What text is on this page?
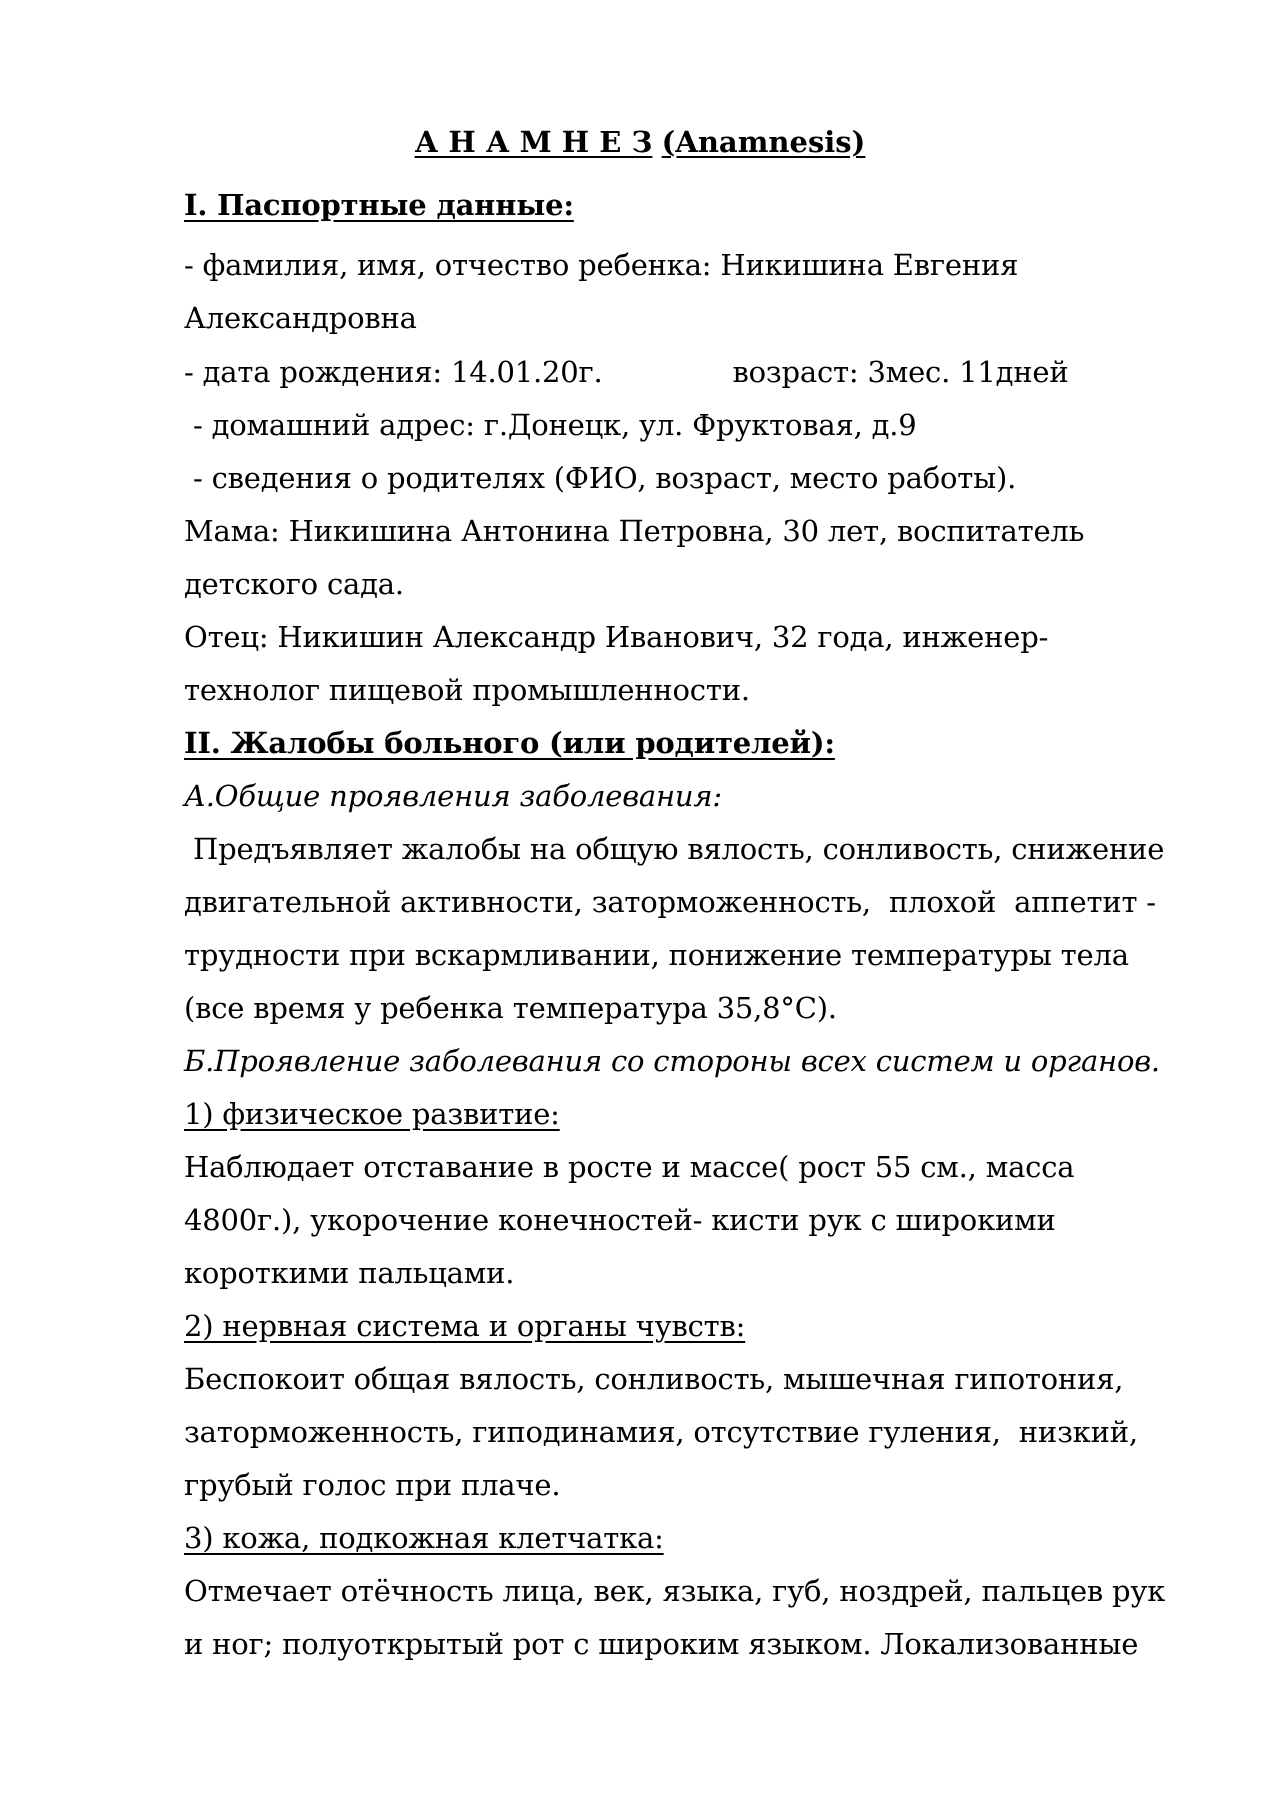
А Н А М Н Е З (Anamnesis)
I. Паспортные данные:
- фамилия, имя, отчество ребенка: Никишина Евгения
Александровна
- дата рождения: 14.01.20г.	возраст: 3мес. 11дней
- домашний адрес: г.Донецк, ул. Фруктовая, д.9
- сведения о родителях (ФИО, возраст, место работы).
Мама: Никишина Антонина Петровна, 30 лет, воспитатель
детского сада.
Отец: Никишин Александр Иванович, 32 года, инженер-
технолог пищевой промышленности.
II. Жалобы больного (или родителей):
А.Общие проявления заболевания:
Предъявляет жалобы на общую вялость, сонливость, снижение
двигательной активности, заторможенность,  плохой  аппетит -
трудности при вскармливании, понижение температуры тела
(все время у ребенка температура 35,8°С).
Б.Проявление заболевания со стороны всех систем и органов.
1) физическое развитие:
Наблюдает отставание в росте и массе( рост 55 см., масса
4800г.), укорочение конечностей- кисти рук с широкими
короткими пальцами.
2) нервная система и органы чувств:
Беспокоит общая вялость, сонливость, мышечная гипотония,
заторможенность, гиподинамия, отсутствие гуления,  низкий,
грубый голос при плаче.
3) кожа, подкожная клетчатка:
Отмечает отёчность лица, век, языка, губ, ноздрей, пальцев рук
и ног; полуоткрытый рот с широким языком. Локализованные
